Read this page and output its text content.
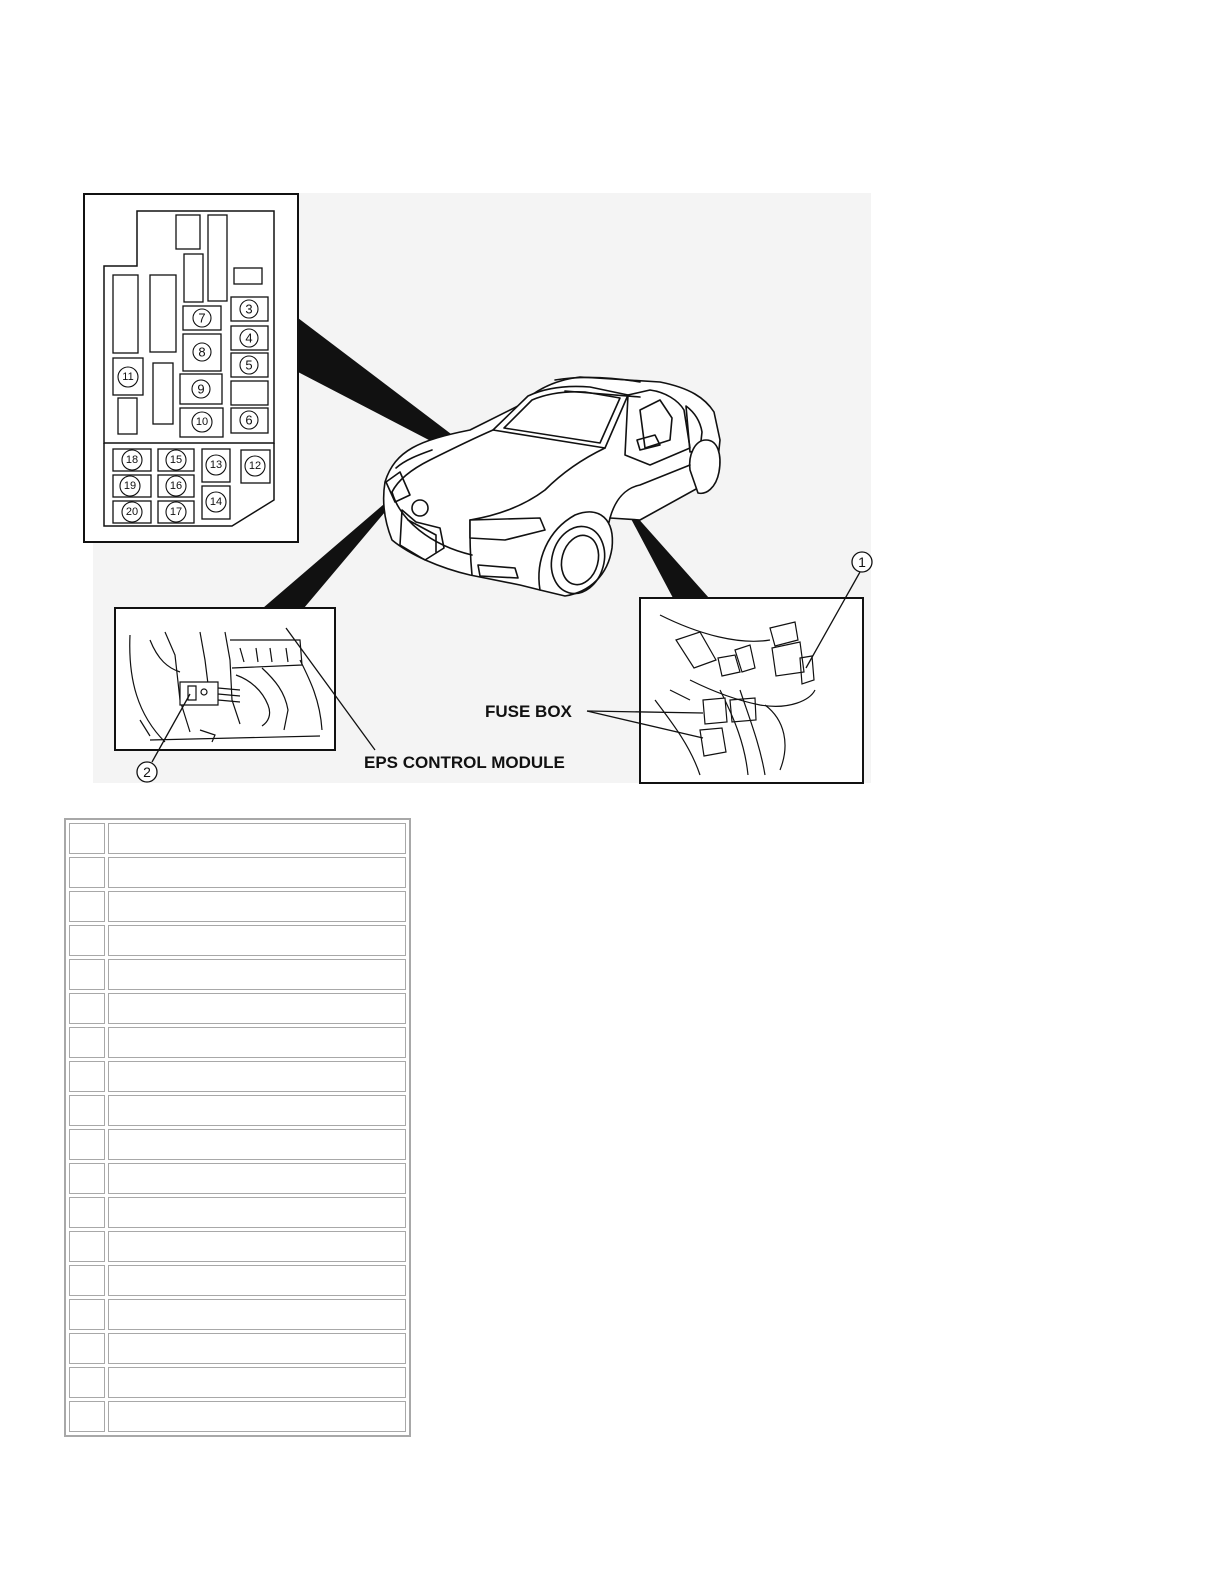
3
4
5
6
7
8
9
10
11
12
13
14
15
16
17
18
19
20
1
2
FUSE BOX
EPS CONTROL MODULE
